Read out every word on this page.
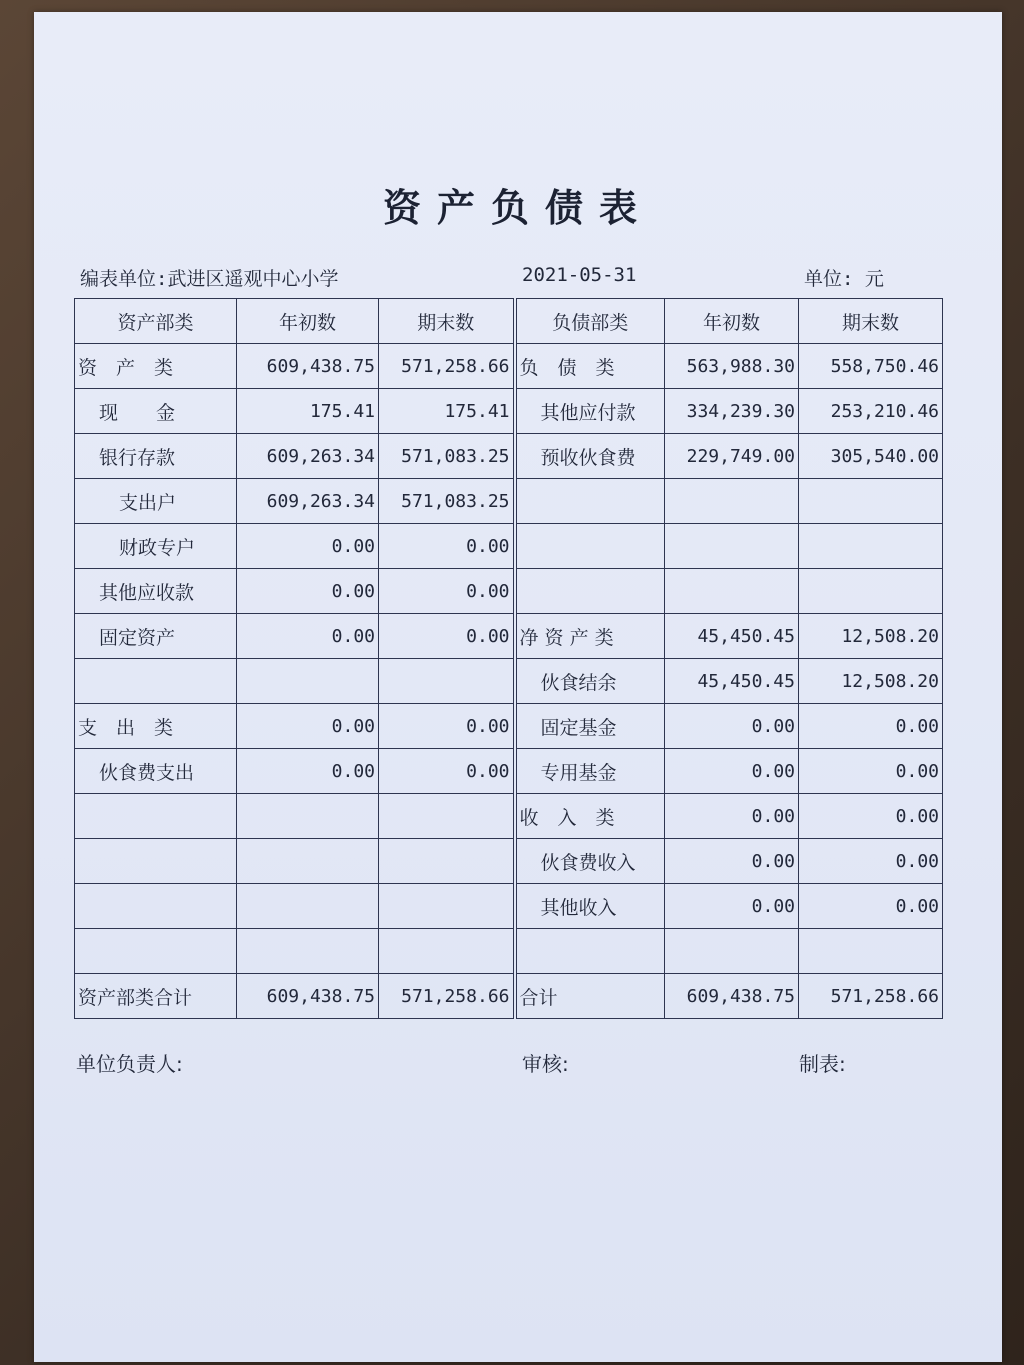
资产负债表
编表单位:武进区遥观中心小学	2021-05-31	单位: 元
资产部类	年初数	期末数	负债部类	年初数	期末数
资　产　类	609,438.75	571,258.66	负　债　类	563,988.30	558,750.46
现　　金	175.41	175.41	其他应付款	334,239.30	253,210.46
银行存款	609,263.34	571,083.25	预收伙食费	229,749.00	305,540.00
支出户	609,263.34	571,083.25			
财政专户	0.00	0.00			
其他应收款	0.00	0.00			
固定资产	0.00	0.00	净 资 产 类	45,450.45	12,508.20
			伙食结余	45,450.45	12,508.20
支　出　类	0.00	0.00	固定基金	0.00	0.00
伙食费支出	0.00	0.00	专用基金	0.00	0.00
			收　入　类	0.00	0.00
			伙食费收入	0.00	0.00
			其他收入	0.00	0.00

资产部类合计	609,438.75	571,258.66	合计	609,438.75	571,258.66
单位负责人:	审核:	制表:
